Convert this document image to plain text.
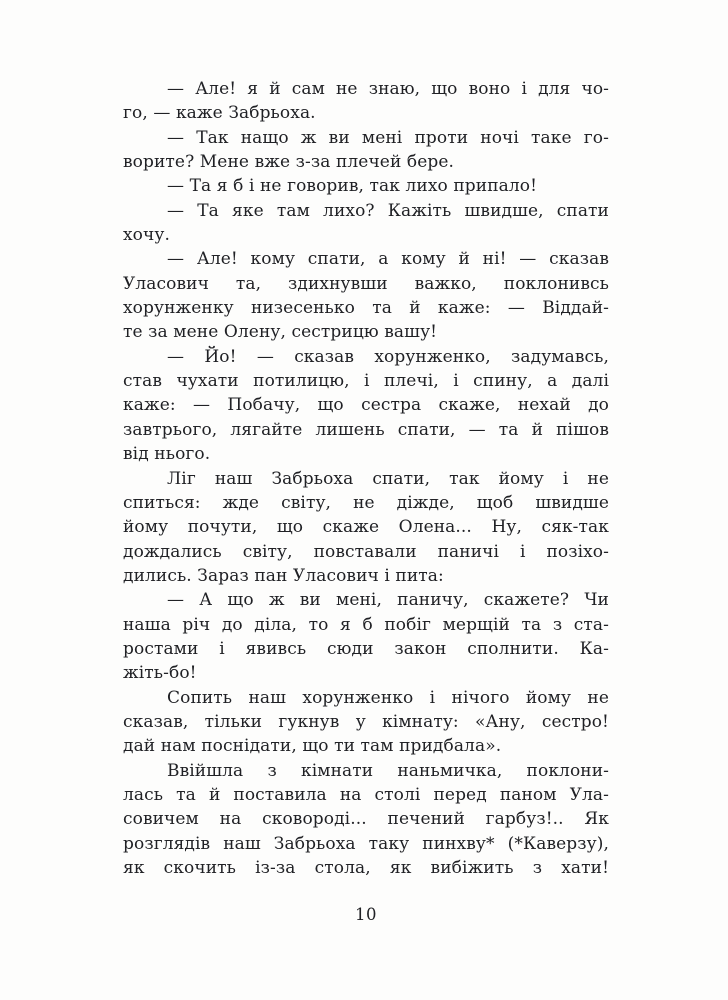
— Але! я й сам не знаю, що воно і для чо-
го, — каже Забрьоха.
— Так нащо ж ви мені проти ночі таке го-
ворите? Мене вже з-за плечей бере.
— Та я б і не говорив, так лихо припало!
— Та яке там лихо? Кажіть швидше, спати
хочу.
— Але! кому спати, а кому й ні! — сказав
Уласович та, здихнувши важко, поклонивсь
хорунженку низесенько та й каже: — Віддай-
те за мене Олену, сестрицю вашу!
— Йо! — сказав хорунженко, задумавсь,
став чухати потилицю, і плечі, і спину, а далі
каже: — Побачу, що сестра скаже, нехай до
завтрього, лягайте лишень спати, — та й пішов
від нього.
Ліг наш Забрьоха спати, так йому і не
спиться: жде світу, не діжде, щоб швидше
йому почути, що скаже Олена... Ну, сяк-так
дождались світу, повставали паничі і позіхо-
дились. Зараз пан Уласович і пита:
— А що ж ви мені, паничу, скажете? Чи
наша річ до діла, то я б побіг мерщій та з ста-
ростами і явивсь сюди закон сполнити. Ка-
жіть-бо!
Сопить наш хорунженко і нічого йому не
сказав, тільки гукнув у кімнату: «Ану, сестро!
дай нам поснідати, що ти там придбала».
Ввійшла з кімнати наньмичка, поклони-
лась та й поставила на столі перед паном Ула-
совичем на сковороді... печений гарбуз!.. Як
розглядів наш Забрьоха таку пинхву* (*Каверзу),
як скочить із-за стола, як вибіжить з хати!
10
